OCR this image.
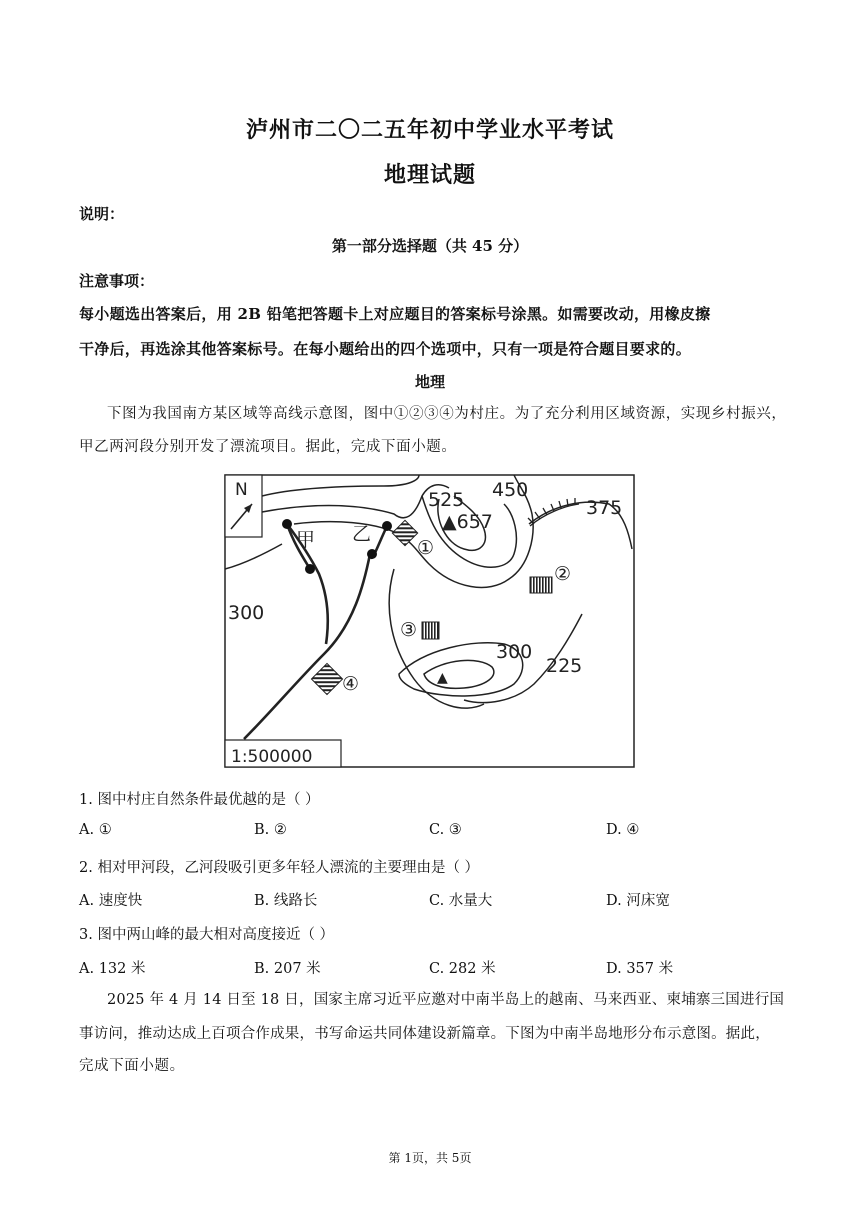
泸州市二〇二五年初中学业水平考试
地理试题
说明：
第一部分选择题（共 45 分）
注意事项：
每小题选出答案后，用 2B 铅笔把答题卡上对应题目的答案标号涂黑。如需要改动，用橡皮擦
干净后，再选涂其他答案标号。在每小题给出的四个选项中，只有一项是符合题目要求的。
地理
下图为我国南方某区域等高线示意图，图中①②③④为村庄。为了充分利用区域资源，实现乡村振兴，
甲乙两河段分别开发了漂流项目。据此，完成下面小题。
N
甲 乙
525 450
375
300
300
225
▲657
▲
①
②
③
④
1:500000
1. 图中村庄自然条件最优越的是（ ）
A. ①	B. ②	C. ③	D. ④
2. 相对甲河段，乙河段吸引更多年轻人漂流的主要理由是（ ）
A. 速度快	B. 线路长	C. 水量大	D. 河床宽
3. 图中两山峰的最大相对高度接近（ ）
A. 132 米	B. 207 米	C. 282 米	D. 357 米
2025 年 4 月 14 日至 18 日，国家主席习近平应邀对中南半岛上的越南、马来西亚、柬埔寨三国进行国
事访问，推动达成上百项合作成果，书写命运共同体建设新篇章。下图为中南半岛地形分布示意图。据此，
完成下面小题。
第 1页，共 5页
